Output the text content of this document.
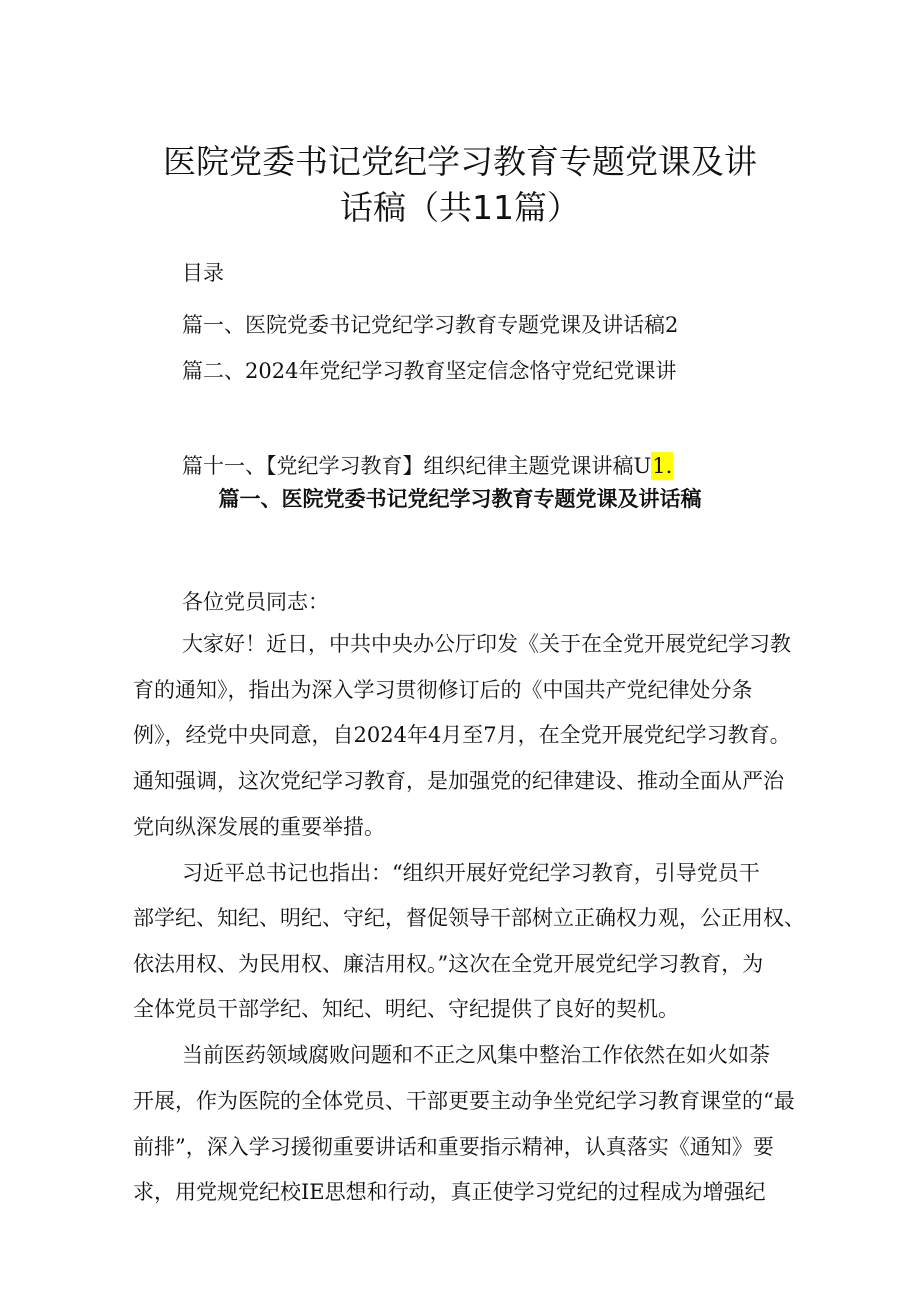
医院党委书记党纪学习教育专题党课及讲
话稿（共11篇）
目录
篇一、医院党委书记党纪学习教育专题党课及讲话稿2
篇二、2024年党纪学习教育坚定信念恪守党纪党课讲
篇十一、【党纪学习教育】组织纪律主题党课讲稿U1.
篇一、医院党委书记党纪学习教育专题党课及讲话稿
各位党员同志：
大家好！近日，中共中央办公厅印发《关于在全党开展党纪学习教
育的通知》，指出为深入学习贯彻修订后的《中国共产党纪律处分条
例》，经党中央同意，自2024年4月至7月，在全党开展党纪学习教育。
通知强调，这次党纪学习教育，是加强党的纪律建设、推动全面从严治
党向纵深发展的重要举措。
习近平总书记也指出：“组织开展好党纪学习教育，引导党员干
部学纪、知纪、明纪、守纪，督促领导干部树立正确权力观，公正用权、
依法用权、为民用权、廉洁用权。”这次在全党开展党纪学习教育，为
全体党员干部学纪、知纪、明纪、守纪提供了良好的契机。
当前医药领域腐败问题和不正之风集中整治工作依然在如火如荼
开展，作为医院的全体党员、干部更要主动争坐党纪学习教育课堂的“最
前排”，深入学习援彻重要讲话和重要指示精神，认真落实《通知》要
求，用党规党纪校IE思想和行动，真正使学习党纪的过程成为增强纪
